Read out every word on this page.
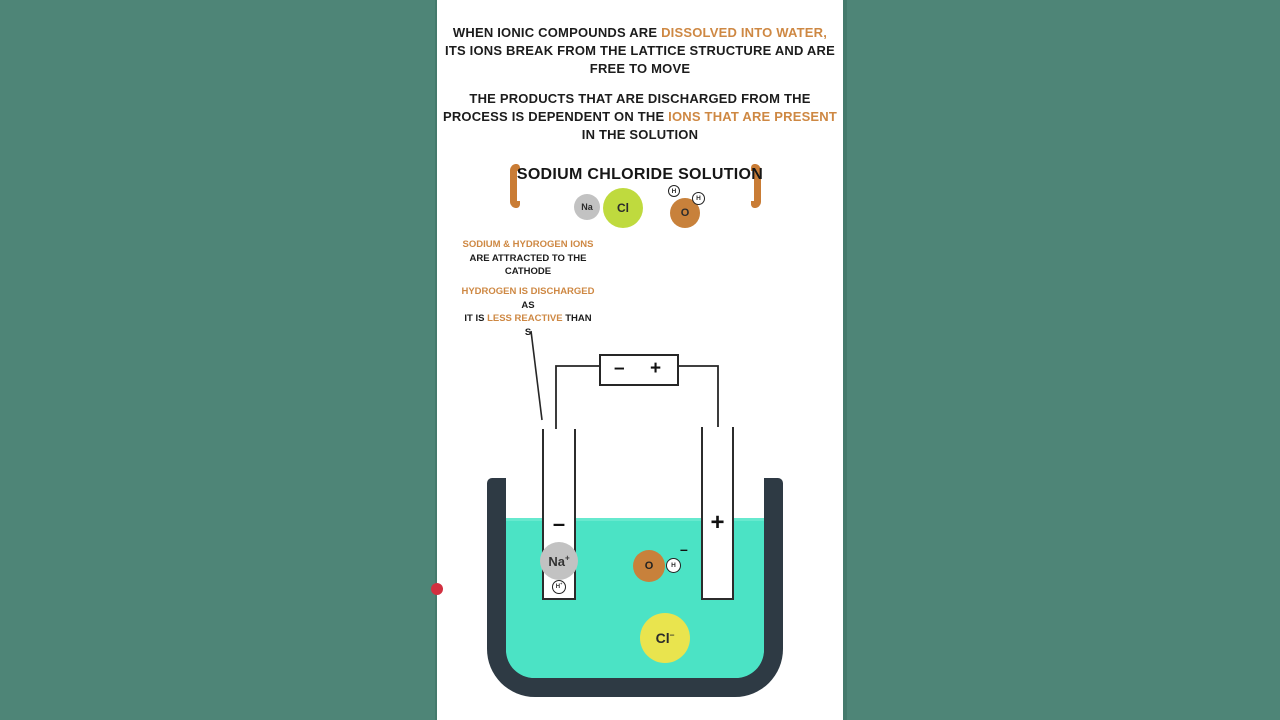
WHEN IONIC COMPOUNDS ARE DISSOLVED INTO WATER,
ITS IONS BREAK FROM THE LATTICE STRUCTURE AND ARE
FREE TO MOVE
THE PRODUCTS THAT ARE DISCHARGED FROM THE
PROCESS IS DEPENDENT ON THE IONS THAT ARE PRESENT
IN THE SOLUTION
SODIUM CHLORIDE SOLUTION
Na Cl
H
H
O
SODIUM & HYDROGEN IONS
ARE ATTRACTED TO THE
CATHODE
HYDROGEN IS DISCHARGED AS
IT IS LESS REACTIVE THAN
S
– +
–	+
Na+
H+
O	H
–
Cl–
